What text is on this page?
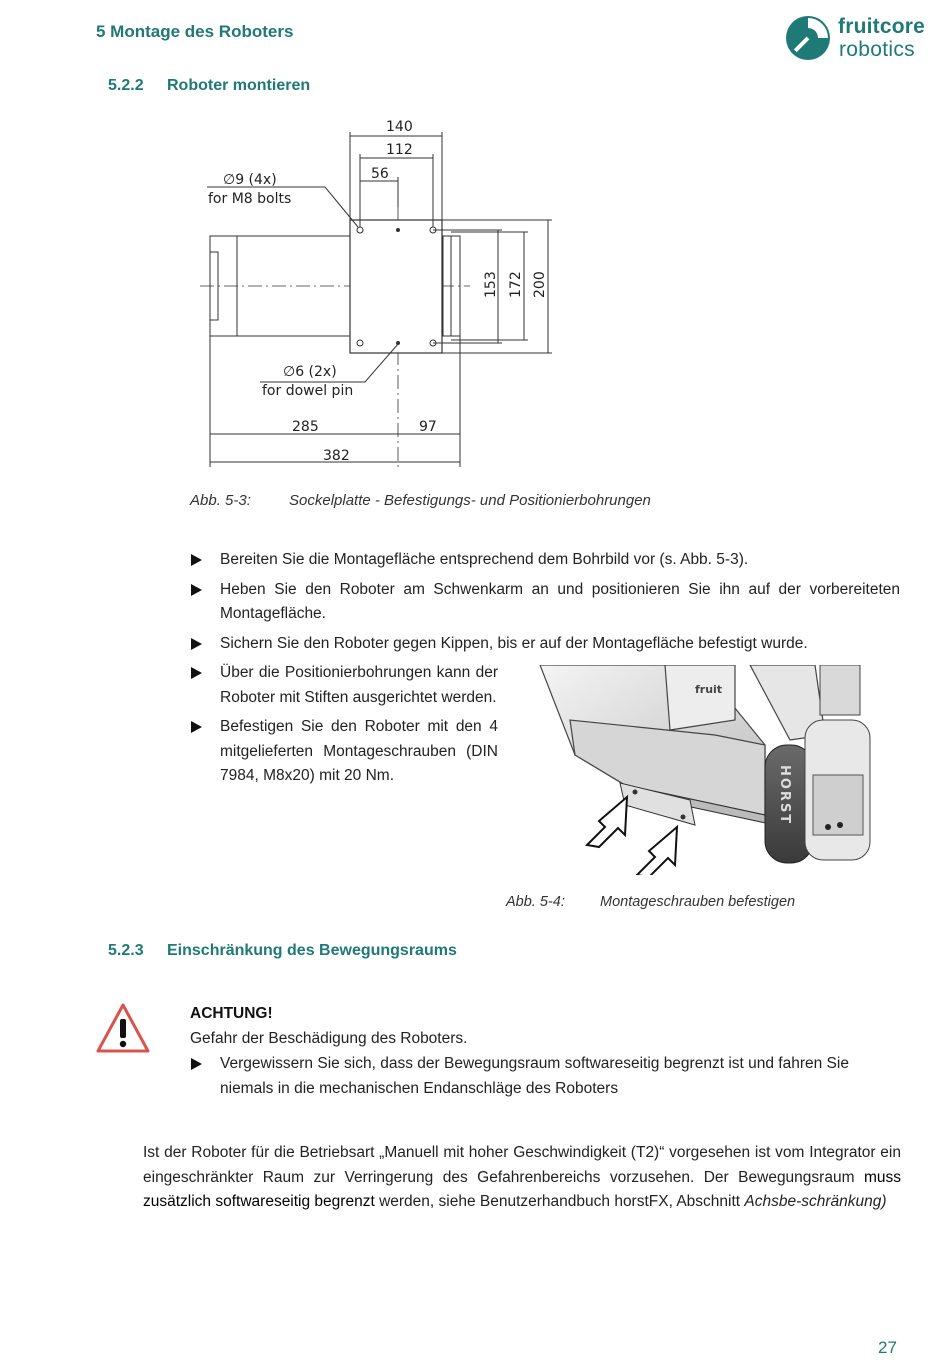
5 Montage des Roboters	fruitcore
robotics
5.2.2 Roboter montieren
140
112
56
∅9 (4x)
for M8 bolts
∅6 (2x)
for dowel pin
285	97
382
153 172 200
Abb. 5-3:	Sockelplatte - Befestigungs- und Positionierbohrungen
Bereiten Sie die Montagefläche entsprechend dem Bohrbild vor (s. Abb. 5-3).
Heben Sie den Roboter am Schwenkarm an und positionieren Sie ihn auf der vorbereiteten Montagefläche.
Sichern Sie den Roboter gegen Kippen, bis er auf der Montagefläche befestigt wurde.
Über die Positionierbohrungen kann der Roboter mit Stiften ausgerichtet werden.
Befestigen Sie den Roboter mit den 4 mitgelieferten Montageschrauben (DIN 7984, M8x20) mit 20 Nm.
fruit
HORST
Abb. 5-4: Montageschrauben befestigen
5.2.3 Einschränkung des Bewegungsraums
ACHTUNG!
Gefahr der Beschädigung des Roboters.
Vergewissern Sie sich, dass der Bewegungsraum softwareseitig begrenzt ist und fahren Sie niemals in die mechanischen Endanschläge des Roboters
Ist der Roboter für die Betriebsart „Manuell mit hoher Geschwindigkeit (T2)“ vorgesehen ist vom Integrator ein eingeschränkter Raum zur Verringerung des Gefahrenbereichs vorzusehen. Der Bewegungsraum muss zusätzlich softwareseitig begrenzt werden, siehe Benutzerhandbuch horstFX, Abschnitt Achsbe-schränkung)
27
